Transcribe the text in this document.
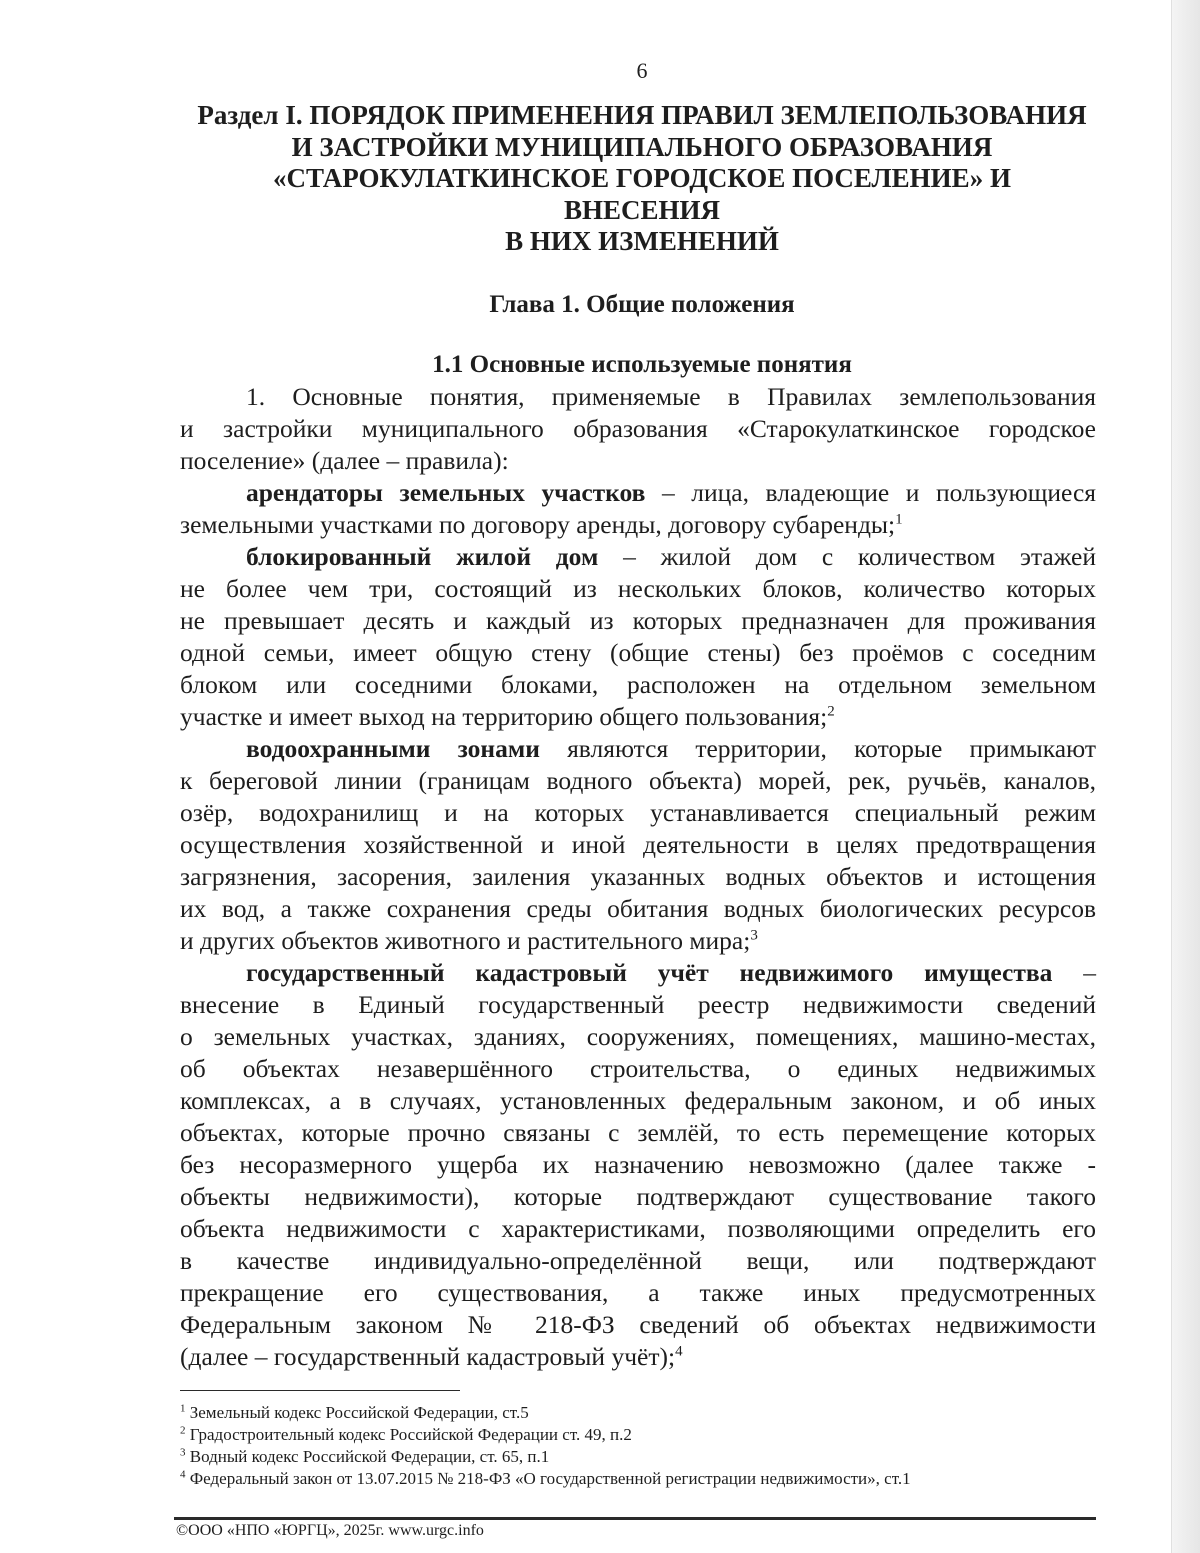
6
Раздел I. ПОРЯДОК ПРИМЕНЕНИЯ ПРАВИЛ ЗЕМЛЕПОЛЬЗОВАНИЯ
И ЗАСТРОЙКИ МУНИЦИПАЛЬНОГО ОБРАЗОВАНИЯ
«СТАРОКУЛАТКИНСКОЕ ГОРОДСКОЕ ПОСЕЛЕНИЕ» И
ВНЕСЕНИЯ
В НИХ ИЗМЕНЕНИЙ
Глава 1. Общие положения
1.1 Основные используемые понятия
1. Основные понятия, применяемые в Правилах землепользования
и застройки муниципального образования «Старокулаткинское городское
поселение» (далее – правила):
арендаторы земельных участков – лица, владеющие и пользующиеся
земельными участками по договору аренды, договору субаренды;$^1$
блокированный жилой дом – жилой дом с количеством этажей
не более чем три, состоящий из нескольких блоков, количество которых
не превышает десять и каждый из которых предназначен для проживания
одной семьи, имеет общую стену (общие стены) без проёмов с соседним
блоком или соседними блоками, расположен на отдельном земельном
участке и имеет выход на территорию общего пользования;$^2$
водоохранными зонами являются территории, которые примыкают
к береговой линии (границам водного объекта) морей, рек, ручьёв, каналов,
озёр, водохранилищ и на которых устанавливается специальный режим
осуществления хозяйственной и иной деятельности в целях предотвращения
загрязнения, засорения, заиления указанных водных объектов и истощения
их вод, а также сохранения среды обитания водных биологических ресурсов
и других объектов животного и растительного мира;$^3$
государственный кадастровый учёт недвижимого имущества –
внесение в Единый государственный реестр недвижимости сведений
о земельных участках, зданиях, сооружениях, помещениях, машино-местах,
об объектах незавершённого строительства, о единых недвижимых
комплексах, а в случаях, установленных федеральным законом, и об иных
объектах, которые прочно связаны с землёй, то есть перемещение которых
без несоразмерного ущерба их назначению невозможно (далее также -
объекты недвижимости), которые подтверждают существование такого
объекта недвижимости с характеристиками, позволяющими определить его
в качестве индивидуально-определённой вещи, или подтверждают
прекращение его существования, а также иных предусмотренных
Федеральным законом № 218-ФЗ сведений об объектах недвижимости
(далее – государственный кадастровый учёт);$^4$
$^1$ Земельный кодекс Российской Федерации, ст.5
$^2$ Градостроительный кодекс Российской Федерации ст. 49, п.2
$^3$ Водный кодекс Российской Федерации, ст. 65, п.1
$^4$ Федеральный закон от 13.07.2015 № 218-ФЗ «О государственной регистрации недвижимости», ст.1
©ООО «НПО «ЮРГЦ», 2025г. www.urgc.info
